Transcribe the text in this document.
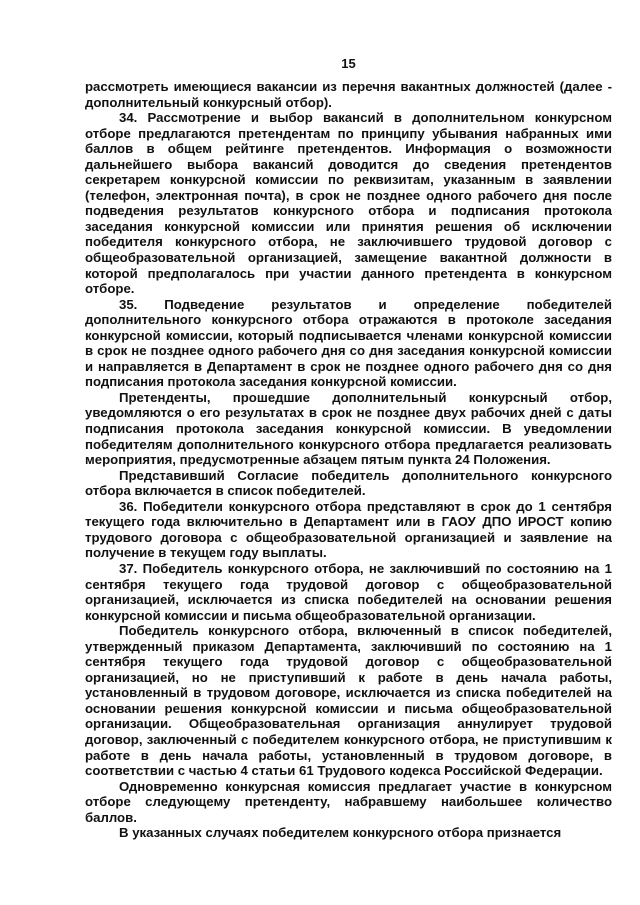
15

рассмотреть имеющиеся вакансии из перечня вакантных должностей (далее - дополнительный конкурсный отбор).

34. Рассмотрение и выбор вакансий в дополнительном конкурсном отборе предлагаются претендентам по принципу убывания набранных ими баллов в общем рейтинге претендентов. Информация о возможности дальнейшего выбора вакансий доводится до сведения претендентов секретарем конкурсной комиссии по реквизитам, указанным в заявлении (телефон, электронная почта), в срок не позднее одного рабочего дня после подведения результатов конкурсного отбора и подписания протокола заседания конкурсной комиссии или принятия решения об исключении победителя конкурсного отбора, не заключившего трудовой договор с общеобразовательной организацией, замещение вакантной должности в которой предполагалось при участии данного претендента в конкурсном отборе.

35. Подведение результатов и определение победителей дополнительного конкурсного отбора отражаются в протоколе заседания конкурсной комиссии, который подписывается членами конкурсной комиссии в срок не позднее одного рабочего дня со дня заседания конкурсной комиссии и направляется в Департамент в срок не позднее одного рабочего дня со дня подписания протокола заседания конкурсной комиссии.

Претенденты, прошедшие дополнительный конкурсный отбор, уведомляются о его результатах в срок не позднее двух рабочих дней с даты подписания протокола заседания конкурсной комиссии. В уведомлении победителям дополнительного конкурсного отбора предлагается реализовать мероприятия, предусмотренные абзацем пятым пункта 24 Положения.

Представивший Согласие победитель дополнительного конкурсного отбора включается в список победителей.

36. Победители конкурсного отбора представляют в срок до 1 сентября текущего года включительно в Департамент или в ГАОУ ДПО ИРОСТ копию трудового договора с общеобразовательной организацией и заявление на получение в текущем году выплаты.

37. Победитель конкурсного отбора, не заключивший по состоянию на 1 сентября текущего года трудовой договор с общеобразовательной организацией, исключается из списка победителей на основании решения конкурсной комиссии и письма общеобразовательной организации.

Победитель конкурсного отбора, включенный в список победителей, утвержденный приказом Департамента, заключивший по состоянию на 1 сентября текущего года трудовой договор с общеобразовательной организацией, но не приступивший к работе в день начала работы, установленный в трудовом договоре, исключается из списка победителей на основании решения конкурсной комиссии и письма общеобразовательной организации. Общеобразовательная организация аннулирует трудовой договор, заключенный с победителем конкурсного отбора, не приступившим к работе в день начала работы, установленный в трудовом договоре, в соответствии с частью 4 статьи 61 Трудового кодекса Российской Федерации.

Одновременно конкурсная комиссия предлагает участие в конкурсном отборе следующему претенденту, набравшему наибольшее количество баллов.

В указанных случаях победителем конкурсного отбора признается
